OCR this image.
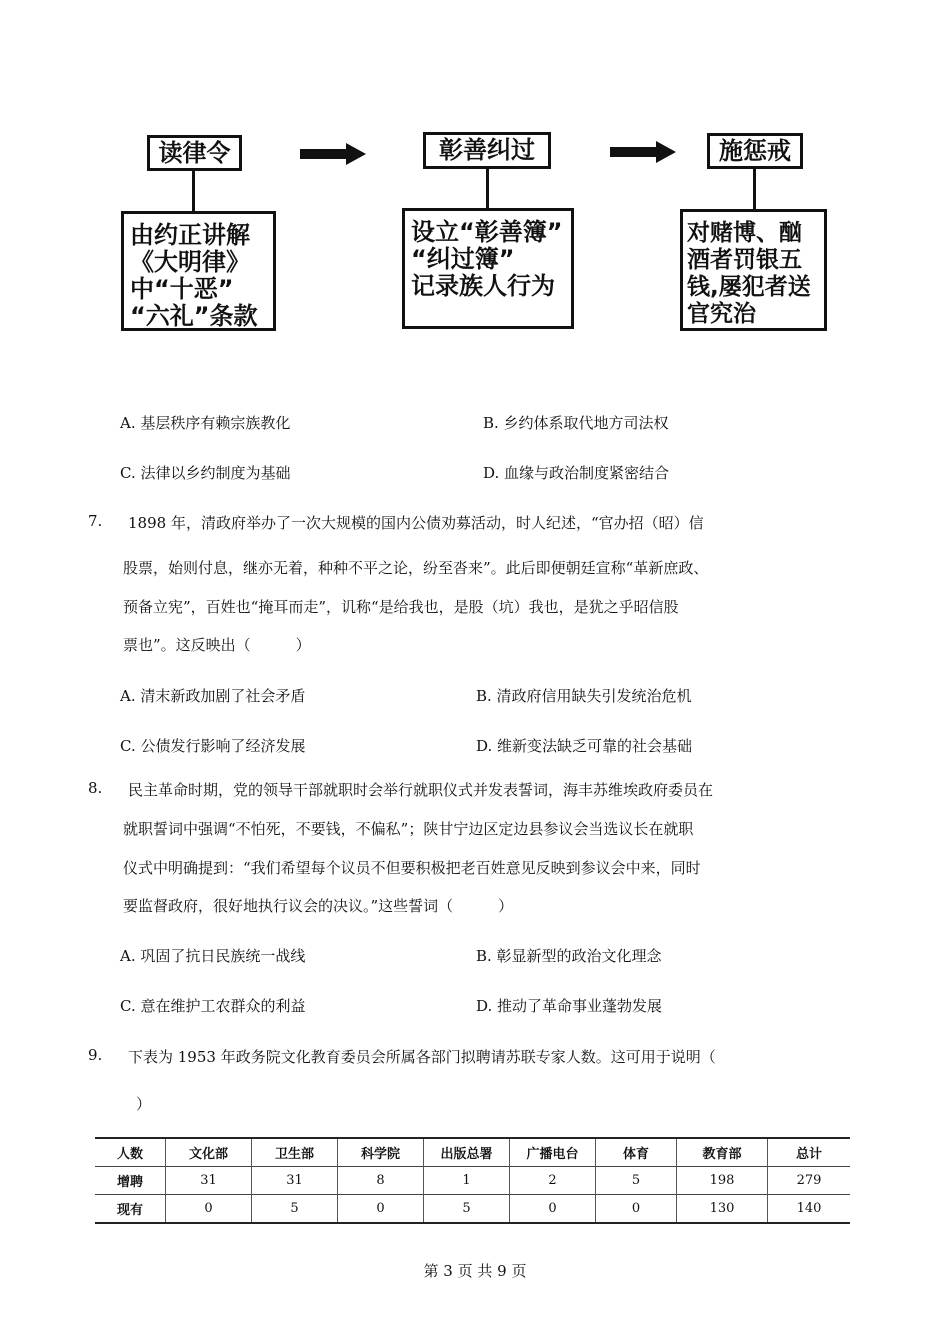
读律令
由约正讲解
《大明律》
中“十恶”
“六礼”条款
彰善纠过
设立“彰善簿”
“纠过簿”
记录族人行为
施惩戒
对赌博、酗
酒者罚银五
钱,屡犯者送
官究治
A. 基层秩序有赖宗族教化	B. 乡约体系取代地方司法权
C. 法律以乡约制度为基础	D. 血缘与政治制度紧密结合
7. 1898 年，清政府举办了一次大规模的国内公债劝募活动，时人纪述，“官办招（昭）信
股票，始则付息，继亦无着，种种不平之论，纷至沓来”。此后即便朝廷宣称“革新庶政、
预备立宪”，百姓也“掩耳而走”，讥称“是给我也，是股（坑）我也，是犹之乎昭信股
票也”。这反映出（　　　）
A. 清末新政加剧了社会矛盾	B. 清政府信用缺失引发统治危机
C. 公债发行影响了经济发展	D. 维新变法缺乏可靠的社会基础
8. 民主革命时期，党的领导干部就职时会举行就职仪式并发表誓词，海丰苏维埃政府委员在
就职誓词中强调“不怕死，不要钱，不偏私”；陕甘宁边区定边县参议会当选议长在就职
仪式中明确提到：“我们希望每个议员不但要积极把老百姓意见反映到参议会中来，同时
要监督政府，很好地执行议会的决议。”这些誓词（　　　）
A. 巩固了抗日民族统一战线	B. 彰显新型的政治文化理念
C. 意在维护工农群众的利益	D. 推动了革命事业蓬勃发展
9. 下表为 1953 年政务院文化教育委员会所属各部门拟聘请苏联专家人数。这可用于说明（
）
人数	文化部	卫生部	科学院	出版总署	广播电台	体育	教育部	总计
增聘	31	31	8	1	2	5	198	279
现有	0	5	0	5	0	0	130	140
第 3 页 共 9 页
